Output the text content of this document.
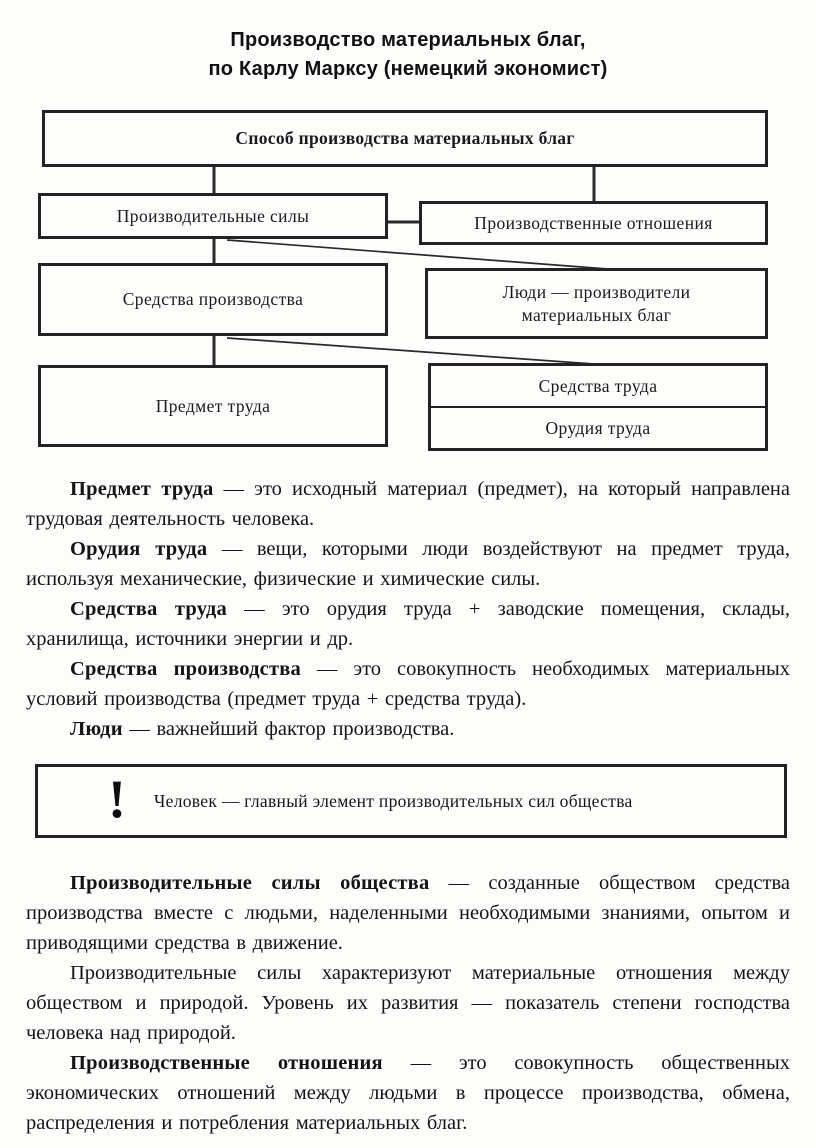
Производство материальных благ,
по Карлу Марксу (немецкий экономист)
Способ производства материальных благ
Производительные силы	Производственные отношения
Средства производства	Люди — производители материальных благ
Предмет труда
Средства труда
Орудия труда

Предмет труда — это исходный материал (предмет), на который направлена трудовая деятельность человека.

Орудия труда — вещи, которыми люди воздействуют на предмет труда, используя механические, физические и химические силы.

Средства труда — это орудия труда + заводские помещения, склады, хранилища, источники энергии и др.

Средства производства — это совокупность необходимых материальных условий производства (предмет труда + средства труда).

Люди — важнейший фактор производства.

! Человек — главный элемент производительных сил общества

Производительные силы общества — созданные обществом средства производства вместе с людьми, наделенными необходимыми знаниями, опытом и приводящими средства в движение.

Производительные силы характеризуют материальные отношения между обществом и природой. Уровень их развития — показатель степени господства человека над природой.

Производственные отношения — это совокупность общественных экономических отношений между людьми в процессе производства, обмена, распределения и потребления материальных благ.
